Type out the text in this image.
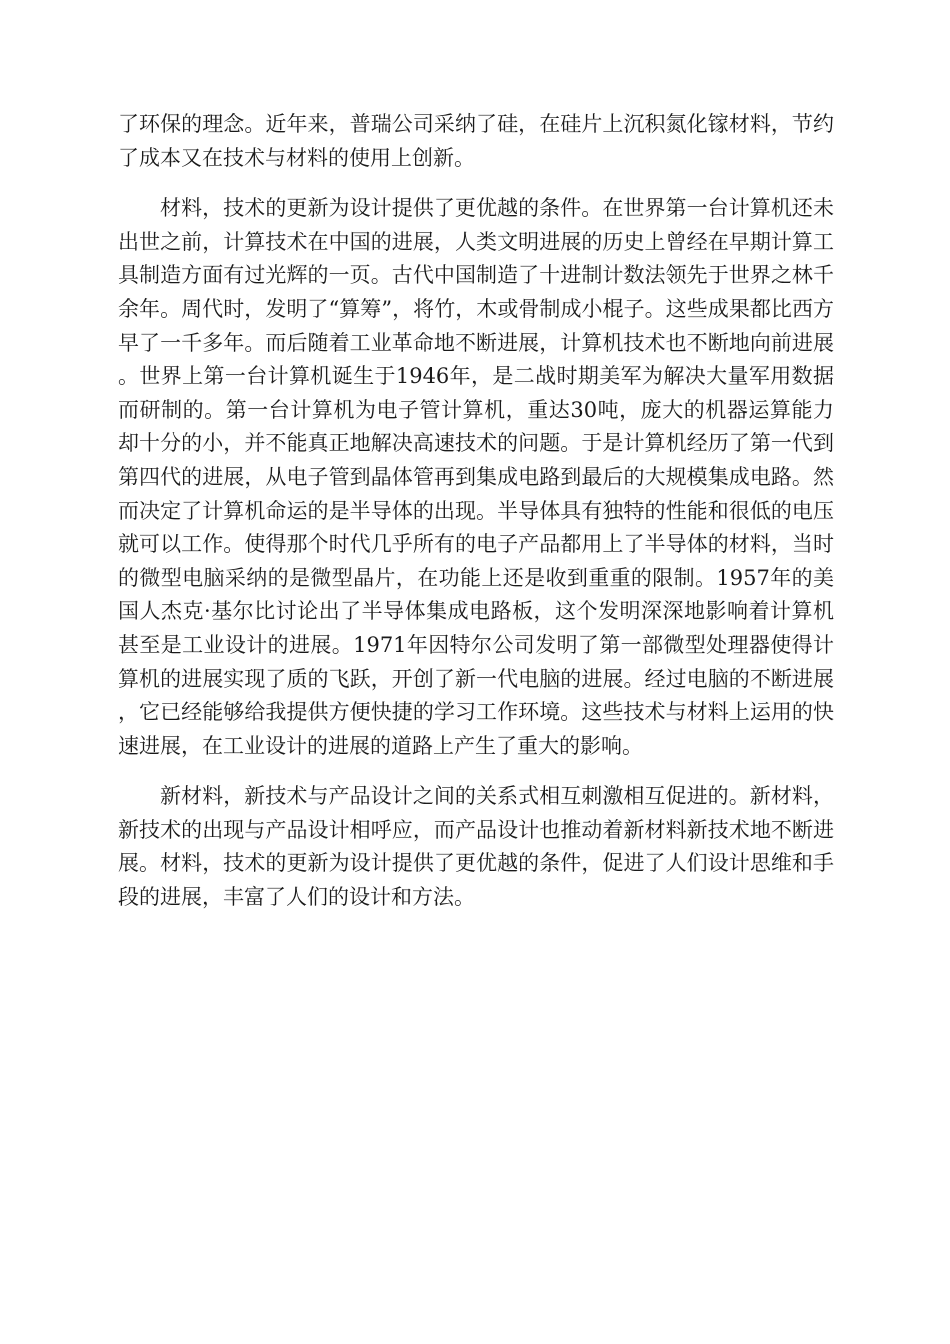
了环保的理念。近年来，普瑞公司采纳了硅，在硅片上沉积氮化镓材料，节约了成本又在技术与材料的使用上创新。

材料，技术的更新为设计提供了更优越的条件。在世界第一台计算机还未出世之前，计算技术在中国的进展，人类文明进展的历史上曾经在早期计算工具制造方面有过光辉的一页。古代中国制造了十进制计数法领先于世界之林千余年。周代时，发明了“算筹”，将竹，木或骨制成小棍子。这些成果都比西方早了一千多年。而后随着工业革命地不断进展，计算机技术也不断地向前进展。世界上第一台计算机诞生于1946年，是二战时期美军为解决大量军用数据而研制的。第一台计算机为电子管计算机，重达30吨，庞大的机器运算能力却十分的小，并不能真正地解决高速技术的问题。于是计算机经历了第一代到第四代的进展，从电子管到晶体管再到集成电路到最后的大规模集成电路。然而决定了计算机命运的是半导体的出现。半导体具有独特的性能和很低的电压就可以工作。使得那个时代几乎所有的电子产品都用上了半导体的材料，当时的微型电脑采纳的是微型晶片，在功能上还是收到重重的限制。1957年的美国人杰克·基尔比讨论出了半导体集成电路板，这个发明深深地影响着计算机甚至是工业设计的进展。1971年因特尔公司发明了第一部微型处理器使得计算机的进展实现了质的飞跃，开创了新一代电脑的进展。经过电脑的不断进展，它已经能够给我提供方便快捷的学习工作环境。这些技术与材料上运用的快速进展，在工业设计的进展的道路上产生了重大的影响。

新材料，新技术与产品设计之间的关系式相互刺激相互促进的。新材料，新技术的出现与产品设计相呼应，而产品设计也推动着新材料新技术地不断进展。材料，技术的更新为设计提供了更优越的条件，促进了人们设计思维和手段的进展，丰富了人们的设计和方法。
